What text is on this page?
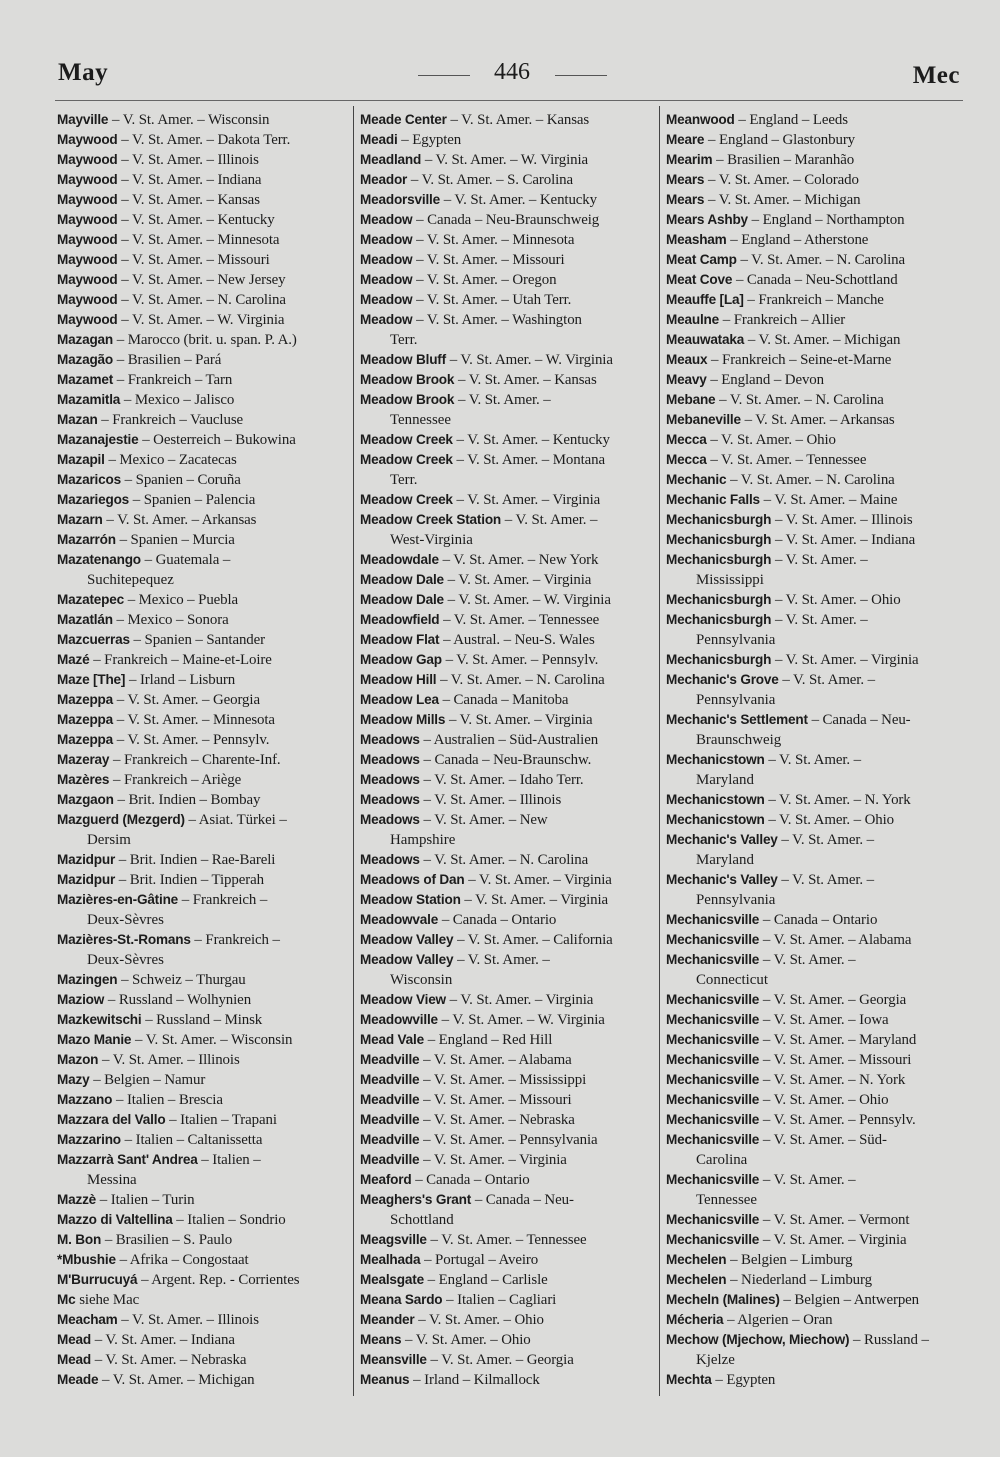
May	446	Mec
Mayville – V. St. Amer. – Wisconsin
Maywood – V. St. Amer. – Dakota Terr.
Maywood – V. St. Amer. – Illinois
Maywood – V. St. Amer. – Indiana
Maywood – V. St. Amer. – Kansas
Maywood – V. St. Amer. – Kentucky
Maywood – V. St. Amer. – Minnesota
Maywood – V. St. Amer. – Missouri
Maywood – V. St. Amer. – New Jersey
Maywood – V. St. Amer. – N. Carolina
Maywood – V. St. Amer. – W. Virginia
Mazagan – Marocco (brit. u. span. P. A.)
Mazagão – Brasilien – Pará
Mazamet – Frankreich – Tarn
Mazamitla – Mexico – Jalisco
Mazan – Frankreich – Vaucluse
Mazanajestie – Oesterreich – Bukowina
Mazapil – Mexico – Zacatecas
Mazaricos – Spanien – Coruña
Mazariegos – Spanien – Palencia
Mazarn – V. St. Amer. – Arkansas
Mazarrón – Spanien – Murcia
Mazatenango – Guatemala –
Suchitepequez
Mazatepec – Mexico – Puebla
Mazatlán – Mexico – Sonora
Mazcuerras – Spanien – Santander
Mazé – Frankreich – Maine-et-Loire
Maze [The] – Irland – Lisburn
Mazeppa – V. St. Amer. – Georgia
Mazeppa – V. St. Amer. – Minnesota
Mazeppa – V. St. Amer. – Pennsylv.
Mazeray – Frankreich – Charente-Inf.
Mazères – Frankreich – Ariège
Mazgaon – Brit. Indien – Bombay
Mazguerd (Mezgerd) – Asiat. Türkei –
Dersim
Mazidpur – Brit. Indien – Rae-Bareli
Mazidpur – Brit. Indien – Tipperah
Mazières-en-Gâtine – Frankreich –
Deux-Sèvres
Mazières-St.-Romans – Frankreich –
Deux-Sèvres
Mazingen – Schweiz – Thurgau
Maziow – Russland – Wolhynien
Mazkewitschi – Russland – Minsk
Mazo Manie – V. St. Amer. – Wisconsin
Mazon – V. St. Amer. – Illinois
Mazy – Belgien – Namur
Mazzano – Italien – Brescia
Mazzara del Vallo – Italien – Trapani
Mazzarino – Italien – Caltanissetta
Mazzarrà Sant' Andrea – Italien –
Messina
Mazzè – Italien – Turin
Mazzo di Valtellina – Italien – Sondrio
M. Bon – Brasilien – S. Paulo
*Mbushie – Afrika – Congostaat
M'Burrucuyá – Argent. Rep. - Corrientes
Mc siehe Mac
Meacham – V. St. Amer. – Illinois
Mead – V. St. Amer. – Indiana
Mead – V. St. Amer. – Nebraska
Meade – V. St. Amer. – Michigan
Meade Center – V. St. Amer. – Kansas
Meadi – Egypten
Meadland – V. St. Amer. – W. Virginia
Meador – V. St. Amer. – S. Carolina
Meadorsville – V. St. Amer. – Kentucky
Meadow – Canada – Neu-Braunschweig
Meadow – V. St. Amer. – Minnesota
Meadow – V. St. Amer. – Missouri
Meadow – V. St. Amer. – Oregon
Meadow – V. St. Amer. – Utah Terr.
Meadow – V. St. Amer. – Washington
Terr.
Meadow Bluff – V. St. Amer. – W. Virginia
Meadow Brook – V. St. Amer. – Kansas
Meadow Brook – V. St. Amer. –
Tennessee
Meadow Creek – V. St. Amer. – Kentucky
Meadow Creek – V. St. Amer. – Montana
Terr.
Meadow Creek – V. St. Amer. – Virginia
Meadow Creek Station – V. St. Amer. –
West-Virginia
Meadowdale – V. St. Amer. – New York
Meadow Dale – V. St. Amer. – Virginia
Meadow Dale – V. St. Amer. – W. Virginia
Meadowfield – V. St. Amer. – Tennessee
Meadow Flat – Austral. – Neu-S. Wales
Meadow Gap – V. St. Amer. – Pennsylv.
Meadow Hill – V. St. Amer. – N. Carolina
Meadow Lea – Canada – Manitoba
Meadow Mills – V. St. Amer. – Virginia
Meadows – Australien – Süd-Australien
Meadows – Canada – Neu-Braunschw.
Meadows – V. St. Amer. – Idaho Terr.
Meadows – V. St. Amer. – Illinois
Meadows – V. St. Amer. – New
Hampshire
Meadows – V. St. Amer. – N. Carolina
Meadows of Dan – V. St. Amer. – Virginia
Meadow Station – V. St. Amer. – Virginia
Meadowvale – Canada – Ontario
Meadow Valley – V. St. Amer. – California
Meadow Valley – V. St. Amer. –
Wisconsin
Meadow View – V. St. Amer. – Virginia
Meadowville – V. St. Amer. – W. Virginia
Mead Vale – England – Red Hill
Meadville – V. St. Amer. – Alabama
Meadville – V. St. Amer. – Mississippi
Meadville – V. St. Amer. – Missouri
Meadville – V. St. Amer. – Nebraska
Meadville – V. St. Amer. – Pennsylvania
Meadville – V. St. Amer. – Virginia
Meaford – Canada – Ontario
Meaghers's Grant – Canada – Neu-
Schottland
Meagsville – V. St. Amer. – Tennessee
Mealhada – Portugal – Aveiro
Mealsgate – England – Carlisle
Meana Sardo – Italien – Cagliari
Meander – V. St. Amer. – Ohio
Means – V. St. Amer. – Ohio
Meansville – V. St. Amer. – Georgia
Meanus – Irland – Kilmallock
Meanwood – England – Leeds
Meare – England – Glastonbury
Mearim – Brasilien – Maranhão
Mears – V. St. Amer. – Colorado
Mears – V. St. Amer. – Michigan
Mears Ashby – England – Northampton
Measham – England – Atherstone
Meat Camp – V. St. Amer. – N. Carolina
Meat Cove – Canada – Neu-Schottland
Meauffe [La] – Frankreich – Manche
Meaulne – Frankreich – Allier
Meauwataka – V. St. Amer. – Michigan
Meaux – Frankreich – Seine-et-Marne
Meavy – England – Devon
Mebane – V. St. Amer. – N. Carolina
Mebaneville – V. St. Amer. – Arkansas
Mecca – V. St. Amer. – Ohio
Mecca – V. St. Amer. – Tennessee
Mechanic – V. St. Amer. – N. Carolina
Mechanic Falls – V. St. Amer. – Maine
Mechanicsburgh – V. St. Amer. – Illinois
Mechanicsburgh – V. St. Amer. – Indiana
Mechanicsburgh – V. St. Amer. –
Mississippi
Mechanicsburgh – V. St. Amer. – Ohio
Mechanicsburgh – V. St. Amer. –
Pennsylvania
Mechanicsburgh – V. St. Amer. – Virginia
Mechanic's Grove – V. St. Amer. –
Pennsylvania
Mechanic's Settlement – Canada – Neu-
Braunschweig
Mechanicstown – V. St. Amer. –
Maryland
Mechanicstown – V. St. Amer. – N. York
Mechanicstown – V. St. Amer. – Ohio
Mechanic's Valley – V. St. Amer. –
Maryland
Mechanic's Valley – V. St. Amer. –
Pennsylvania
Mechanicsville – Canada – Ontario
Mechanicsville – V. St. Amer. – Alabama
Mechanicsville – V. St. Amer. –
Connecticut
Mechanicsville – V. St. Amer. – Georgia
Mechanicsville – V. St. Amer. – Iowa
Mechanicsville – V. St. Amer. – Maryland
Mechanicsville – V. St. Amer. – Missouri
Mechanicsville – V. St. Amer. – N. York
Mechanicsville – V. St. Amer. – Ohio
Mechanicsville – V. St. Amer. – Pennsylv.
Mechanicsville – V. St. Amer. – Süd-
Carolina
Mechanicsville – V. St. Amer. –
Tennessee
Mechanicsville – V. St. Amer. – Vermont
Mechanicsville – V. St. Amer. – Virginia
Mechelen – Belgien – Limburg
Mechelen – Niederland – Limburg
Mecheln (Malines) – Belgien – Antwerpen
Mécheria – Algerien – Oran
Mechow (Mjechow, Miechow) – Russland –
Kjelze
Mechta – Egypten
